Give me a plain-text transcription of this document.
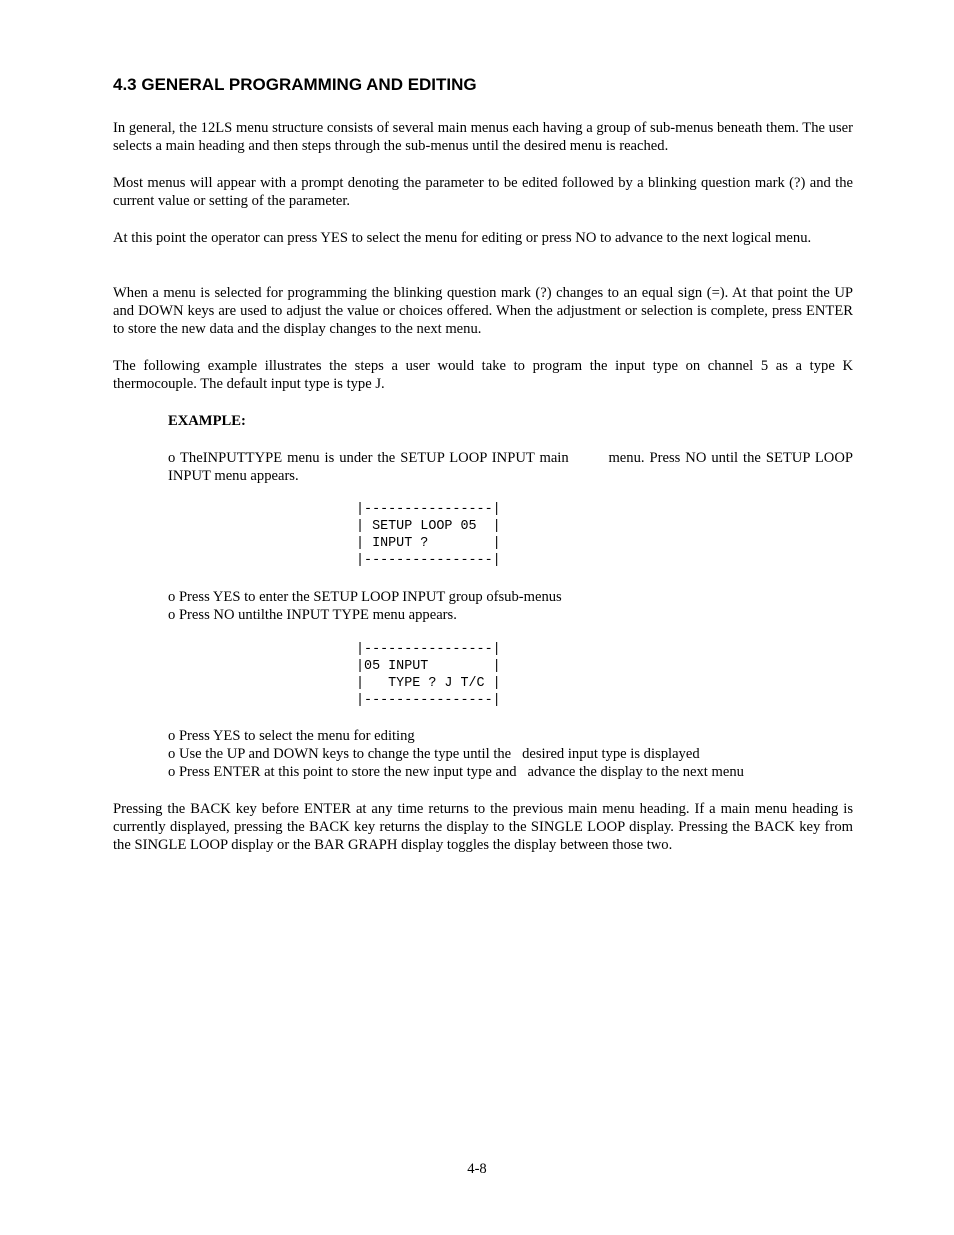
4.3 GENERAL PROGRAMMING AND EDITING

In general, the 12LS menu structure consists of several main menus each having a group of sub-menus beneath them. The user selects a main heading and then steps through the sub-menus until the desired menu is reached.

Most menus will appear with a prompt denoting the parameter to be edited followed by a blinking question mark (?) and the current value or setting of the parameter.

At this point the operator can press YES to select the menu for editing or press NO to advance to the next logical menu.

When a menu is selected for programming the blinking question mark (?) changes to an equal sign (=). At that point the UP and DOWN keys are used to adjust the value or choices offered. When the adjustment or selection is complete, press ENTER to store the new data and the display changes to the next menu.

The following example illustrates the steps a user would take to program the input type on channel 5 as a type K thermocouple. The default input type is type J.

EXAMPLE:

o TheINPUTTYPE menu is under the SETUP LOOP INPUT main        menu. Press NO until the SETUP LOOP INPUT menu appears.

|----------------|
| SETUP LOOP 05  |
| INPUT ?        |
|----------------|
o Press YES to enter the SETUP LOOP INPUT group ofsub-menus
o Press NO untilthe INPUT TYPE menu appears.
|----------------|
|05 INPUT        |
|   TYPE ? J T/C |
|----------------|
o Press YES to select the menu for editing
o Use the UP and DOWN keys to change the type until the   desired input type is displayed
o Press ENTER at this point to store the new input type and   advance the display to the next menu

Pressing the BACK key before ENTER at any time returns to the previous main menu heading. If a main menu heading is currently displayed, pressing the BACK key returns the display to the SINGLE LOOP display. Pressing the BACK key from the SINGLE LOOP display or the BAR GRAPH display toggles the display between those two.

4-8
